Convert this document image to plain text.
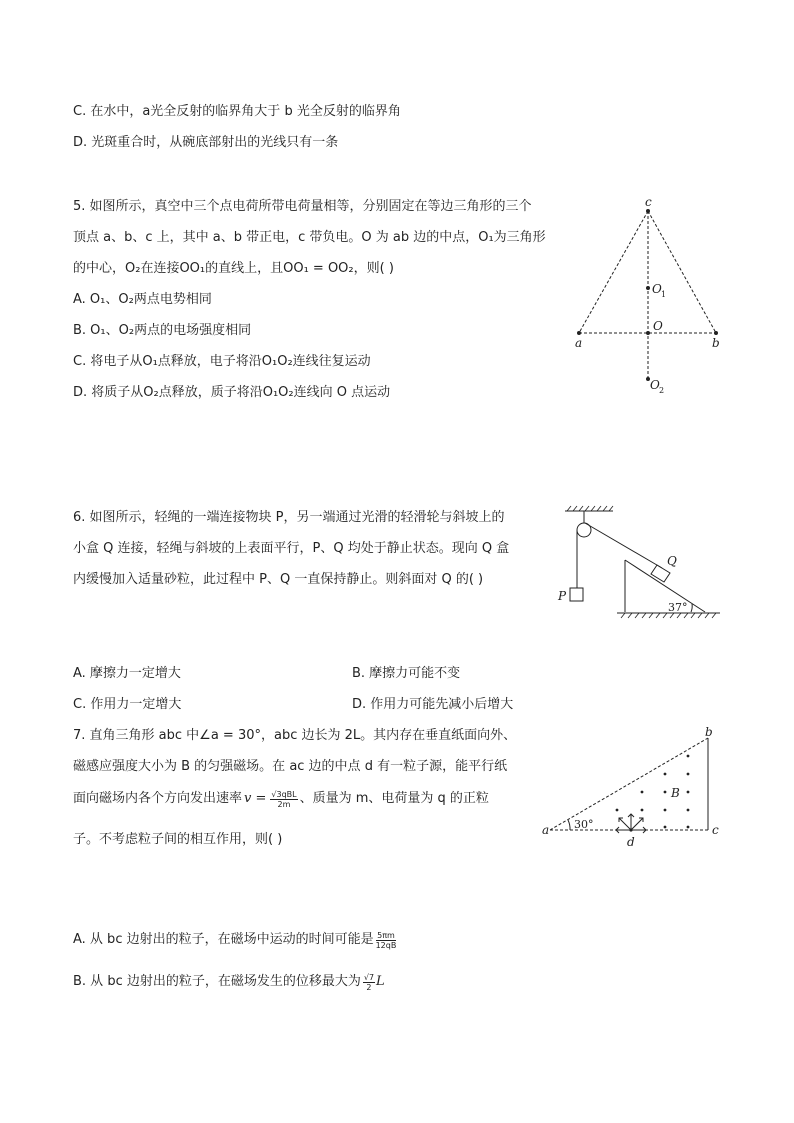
C. 在水中，a光全反射的临界角大于 b 光全反射的临界角
D. 光斑重合时，从碗底部射出的光线只有一条
5. 如图所示，真空中三个点电荷所带电荷量相等，分别固定在等边三角形的三个
顶点 a、b、c 上，其中 a、b 带正电，c 带负电。O 为 ab 边的中点，O₁为三角形
的中心，O₂在连接OO₁的直线上，且OO₁ = OO₂，则( )
A. O₁、O₂两点电势相同
B. O₁、O₂两点的电场强度相同
C. 将电子从O₁点释放，电子将沿O₁O₂连线往复运动
D. 将质子从O₂点释放，质子将沿O₁O₂连线向 O 点运动
c
a	b
O
O 1
O 2
6. 如图所示，轻绳的一端连接物块 P，另一端通过光滑的轻滑轮与斜坡上的
小盒 Q 连接，轻绳与斜坡的上表面平行，P、Q 均处于静止状态。现向 Q 盒
内缓慢加入适量砂粒，此过程中 P、Q 一直保持静止。则斜面对 Q 的( )
P
Q
37°
A. 摩擦力一定增大	B. 摩擦力可能不变
C. 作用力一定增大	D. 作用力可能先减小后增大
7. 直角三角形 abc 中∠a = 30°，abc 边长为 2L。其内存在垂直纸面向外、
磁感应强度大小为 B 的匀强磁场。在 ac 边的中点 d 有一粒子源，能平行纸
面向磁场内各个方向发出速率 v = √3qBL
2m 、质量为 m、电荷量为 q 的正粒
子。不考虑粒子间的相互作用，则( )
a
b
c
d
B
30°
A. 从 bc 边射出的粒子，在磁场中运动的时间可能是 $\frac{5\pi m}{12qB}$
B. 从 bc 边射出的粒子，在磁场发生的位移最大为 $\frac{√7}{2}$ L
